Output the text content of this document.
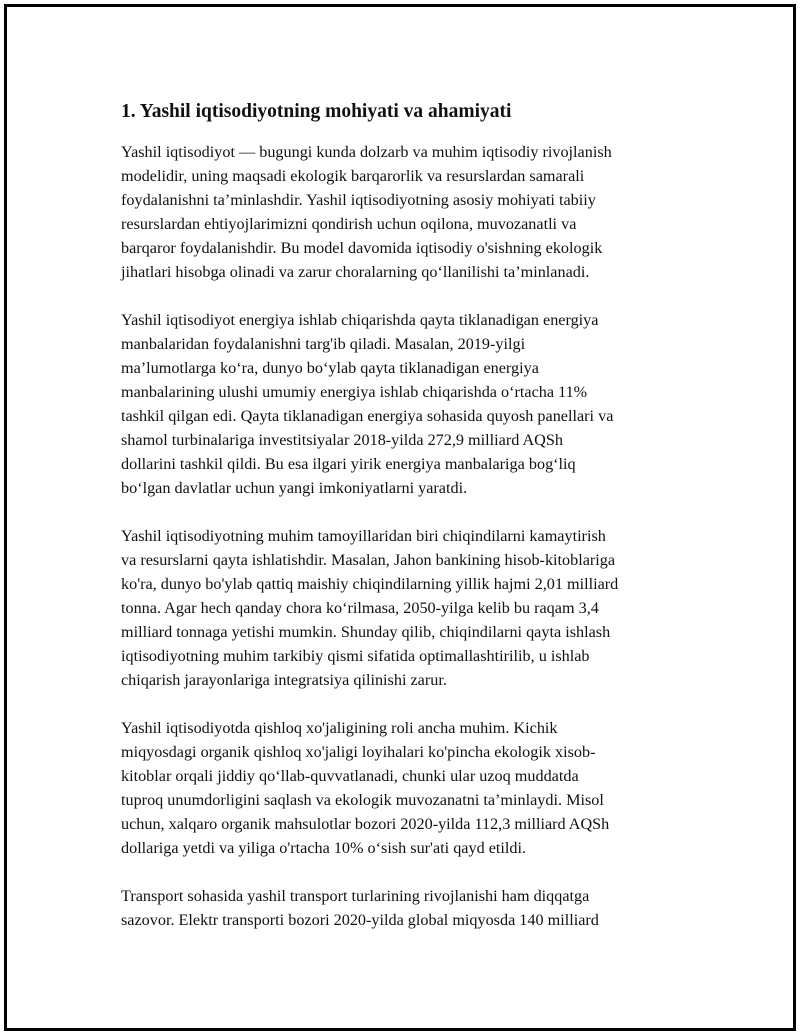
1. Yashil iqtisodiyotning mohiyati va ahamiyati

Yashil iqtisodiyot — bugungi kunda dolzarb va muhim iqtisodiy rivojlanish
modelidir, uning maqsadi ekologik barqarorlik va resurslardan samarali
foydalanishni ta’minlashdir. Yashil iqtisodiyotning asosiy mohiyati tabiiy
resurslardan ehtiyojlarimizni qondirish uchun oqilona, muvozanatli va
barqaror foydalanishdir. Bu model davomida iqtisodiy o'sishning ekologik
jihatlari hisobga olinadi va zarur choralarning qo‘llanilishi ta’minlanadi.

Yashil iqtisodiyot energiya ishlab chiqarishda qayta tiklanadigan energiya
manbalaridan foydalanishni targ'ib qiladi. Masalan, 2019-yilgi
ma’lumotlarga ko‘ra, dunyo bo‘ylab qayta tiklanadigan energiya
manbalarining ulushi umumiy energiya ishlab chiqarishda o‘rtacha 11%
tashkil qilgan edi. Qayta tiklanadigan energiya sohasida quyosh panellari va
shamol turbinalariga investitsiyalar 2018-yilda 272,9 milliard AQSh
dollarini tashkil qildi. Bu esa ilgari yirik energiya manbalariga bog‘liq
bo‘lgan davlatlar uchun yangi imkoniyatlarni yaratdi.

Yashil iqtisodiyotning muhim tamoyillaridan biri chiqindilarni kamaytirish
va resurslarni qayta ishlatishdir. Masalan, Jahon bankining hisob-kitoblariga
ko'ra, dunyo bo'ylab qattiq maishiy chiqindilarning yillik hajmi 2,01 milliard
tonna. Agar hech qanday chora ko‘rilmasa, 2050-yilga kelib bu raqam 3,4
milliard tonnaga yetishi mumkin. Shunday qilib, chiqindilarni qayta ishlash
iqtisodiyotning muhim tarkibiy qismi sifatida optimallashtirilib, u ishlab
chiqarish jarayonlariga integratsiya qilinishi zarur.

Yashil iqtisodiyotda qishloq xo'jaligining roli ancha muhim. Kichik
miqyosdagi organik qishloq xo'jaligi loyihalari ko'pincha ekologik xisob-
kitoblar orqali jiddiy qo‘llab-quvvatlanadi, chunki ular uzoq muddatda
tuproq unumdorligini saqlash va ekologik muvozanatni ta’minlaydi. Misol
uchun, xalqaro organik mahsulotlar bozori 2020-yilda 112,3 milliard AQSh
dollariga yetdi va yiliga o'rtacha 10% o‘sish sur'ati qayd etildi.

Transport sohasida yashil transport turlarining rivojlanishi ham diqqatga
sazovor. Elektr transporti bozori 2020-yilda global miqyosda 140 milliard
